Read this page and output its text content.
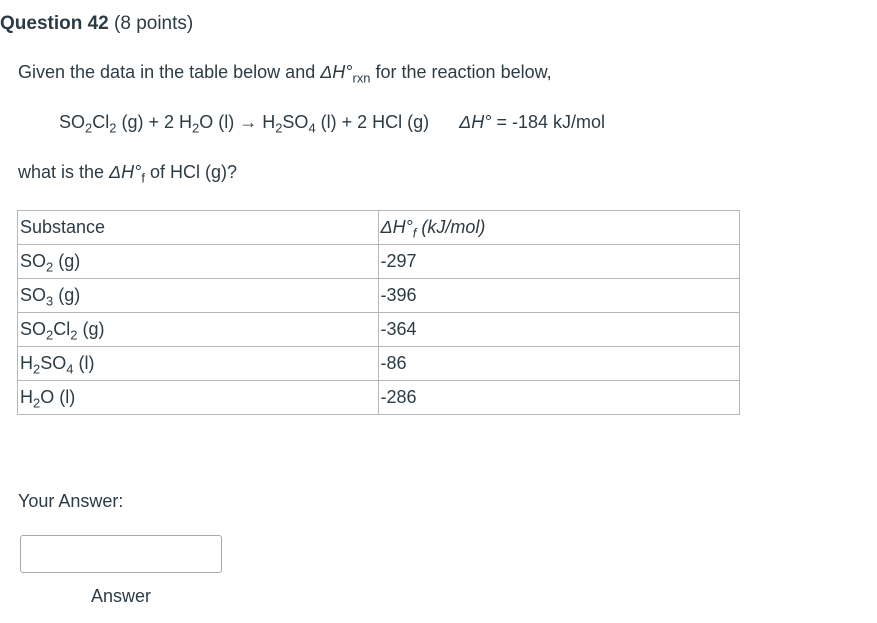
Question 42 (8 points)
Given the data in the table below and $\Delta H^\circ_{rxn}$ for the reaction below,
$SO_2Cl_2$ (g) + 2 $H_2O$ $(l) \to H_2SO_4$ (l) + 2 HCl (g) ΔH° = -184 kJ/mol
what is the $\Delta H^\circ_f$ of HCl (g)?
Substance	$\Delta H^\circ_f$ (kJ/mol)
$SO_2$ (g)	-297
$SO_3$ (g)	-396
$SO_2Cl_2$ (g)	-364
$H_2SO_4$ (l)	-86
$H_2O$ (l)	-286
Your Answer:
Answer
